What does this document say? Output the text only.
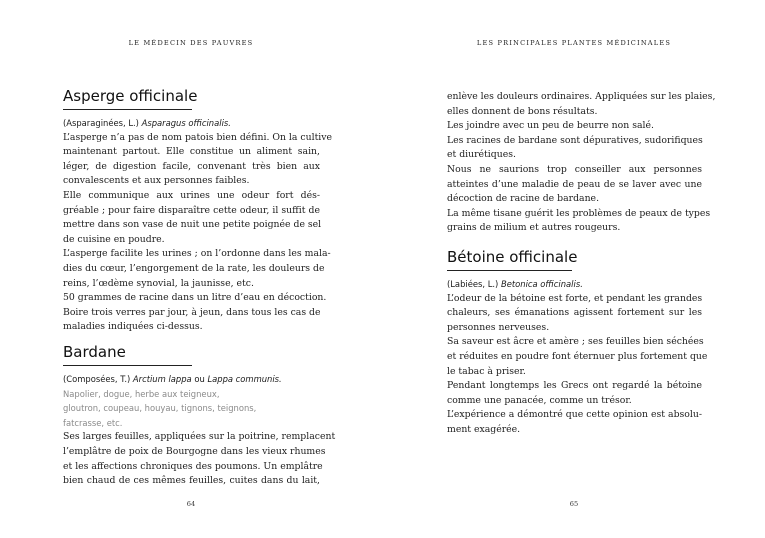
LE MÉDECIN DES PAUVRES
Asperge officinale
(Asparaginées, L.) Asparagus officinalis.
L’asperge n’a pas de nom patois bien défini. On la cultive
maintenant partout. Elle constitue un aliment sain,
léger, de digestion facile, convenant très bien aux
convalescents et aux personnes faibles.
Elle communique aux urines une odeur fort dés-
gréable ; pour faire disparaître cette odeur, il suffit de
mettre dans son vase de nuit une petite poignée de sel
de cuisine en poudre.
L’asperge facilite les urines ; on l’ordonne dans les mala-
dies du cœur, l’engorgement de la rate, les douleurs de
reins, l’œdème synovial, la jaunisse, etc.
50 grammes de racine dans un litre d’eau en décoction.
Boire trois verres par jour, à jeun, dans tous les cas de
maladies indiquées ci-dessus.
Bardane
(Composées, T.) Arctium lappa ou Lappa communis.
Napolier, dogue, herbe aux teigneux,
gloutron, coupeau, houyau, tignons, teignons,
fatcrasse, etc.
Ses larges feuilles, appliquées sur la poitrine, remplacent
l’emplâtre de poix de Bourgogne dans les vieux rhumes
et les affections chroniques des poumons. Un emplâtre
bien chaud de ces mêmes feuilles, cuites dans du lait,
64
LES PRINCIPALES PLANTES MÉDICINALES
enlève les douleurs ordinaires. Appliquées sur les plaies,
elles donnent de bons résultats.
Les joindre avec un peu de beurre non salé.
Les racines de bardane sont dépuratives, sudorifiques
et diurétiques.
Nous ne saurions trop conseiller aux personnes
atteintes d’une maladie de peau de se laver avec une
décoction de racine de bardane.
La même tisane guérit les problèmes de peaux de types
grains de milium et autres rougeurs.
Bétoine officinale
(Labiées, L.) Betonica officinalis.
L’odeur de la bétoine est forte, et pendant les grandes
chaleurs, ses émanations agissent fortement sur les
personnes nerveuses.
Sa saveur est âcre et amère ; ses feuilles bien séchées
et réduites en poudre font éternuer plus fortement que
le tabac à priser.
Pendant longtemps les Grecs ont regardé la bétoine
comme une panacée, comme un trésor.
L’expérience a démontré que cette opinion est absolu-
ment exagérée.
65
